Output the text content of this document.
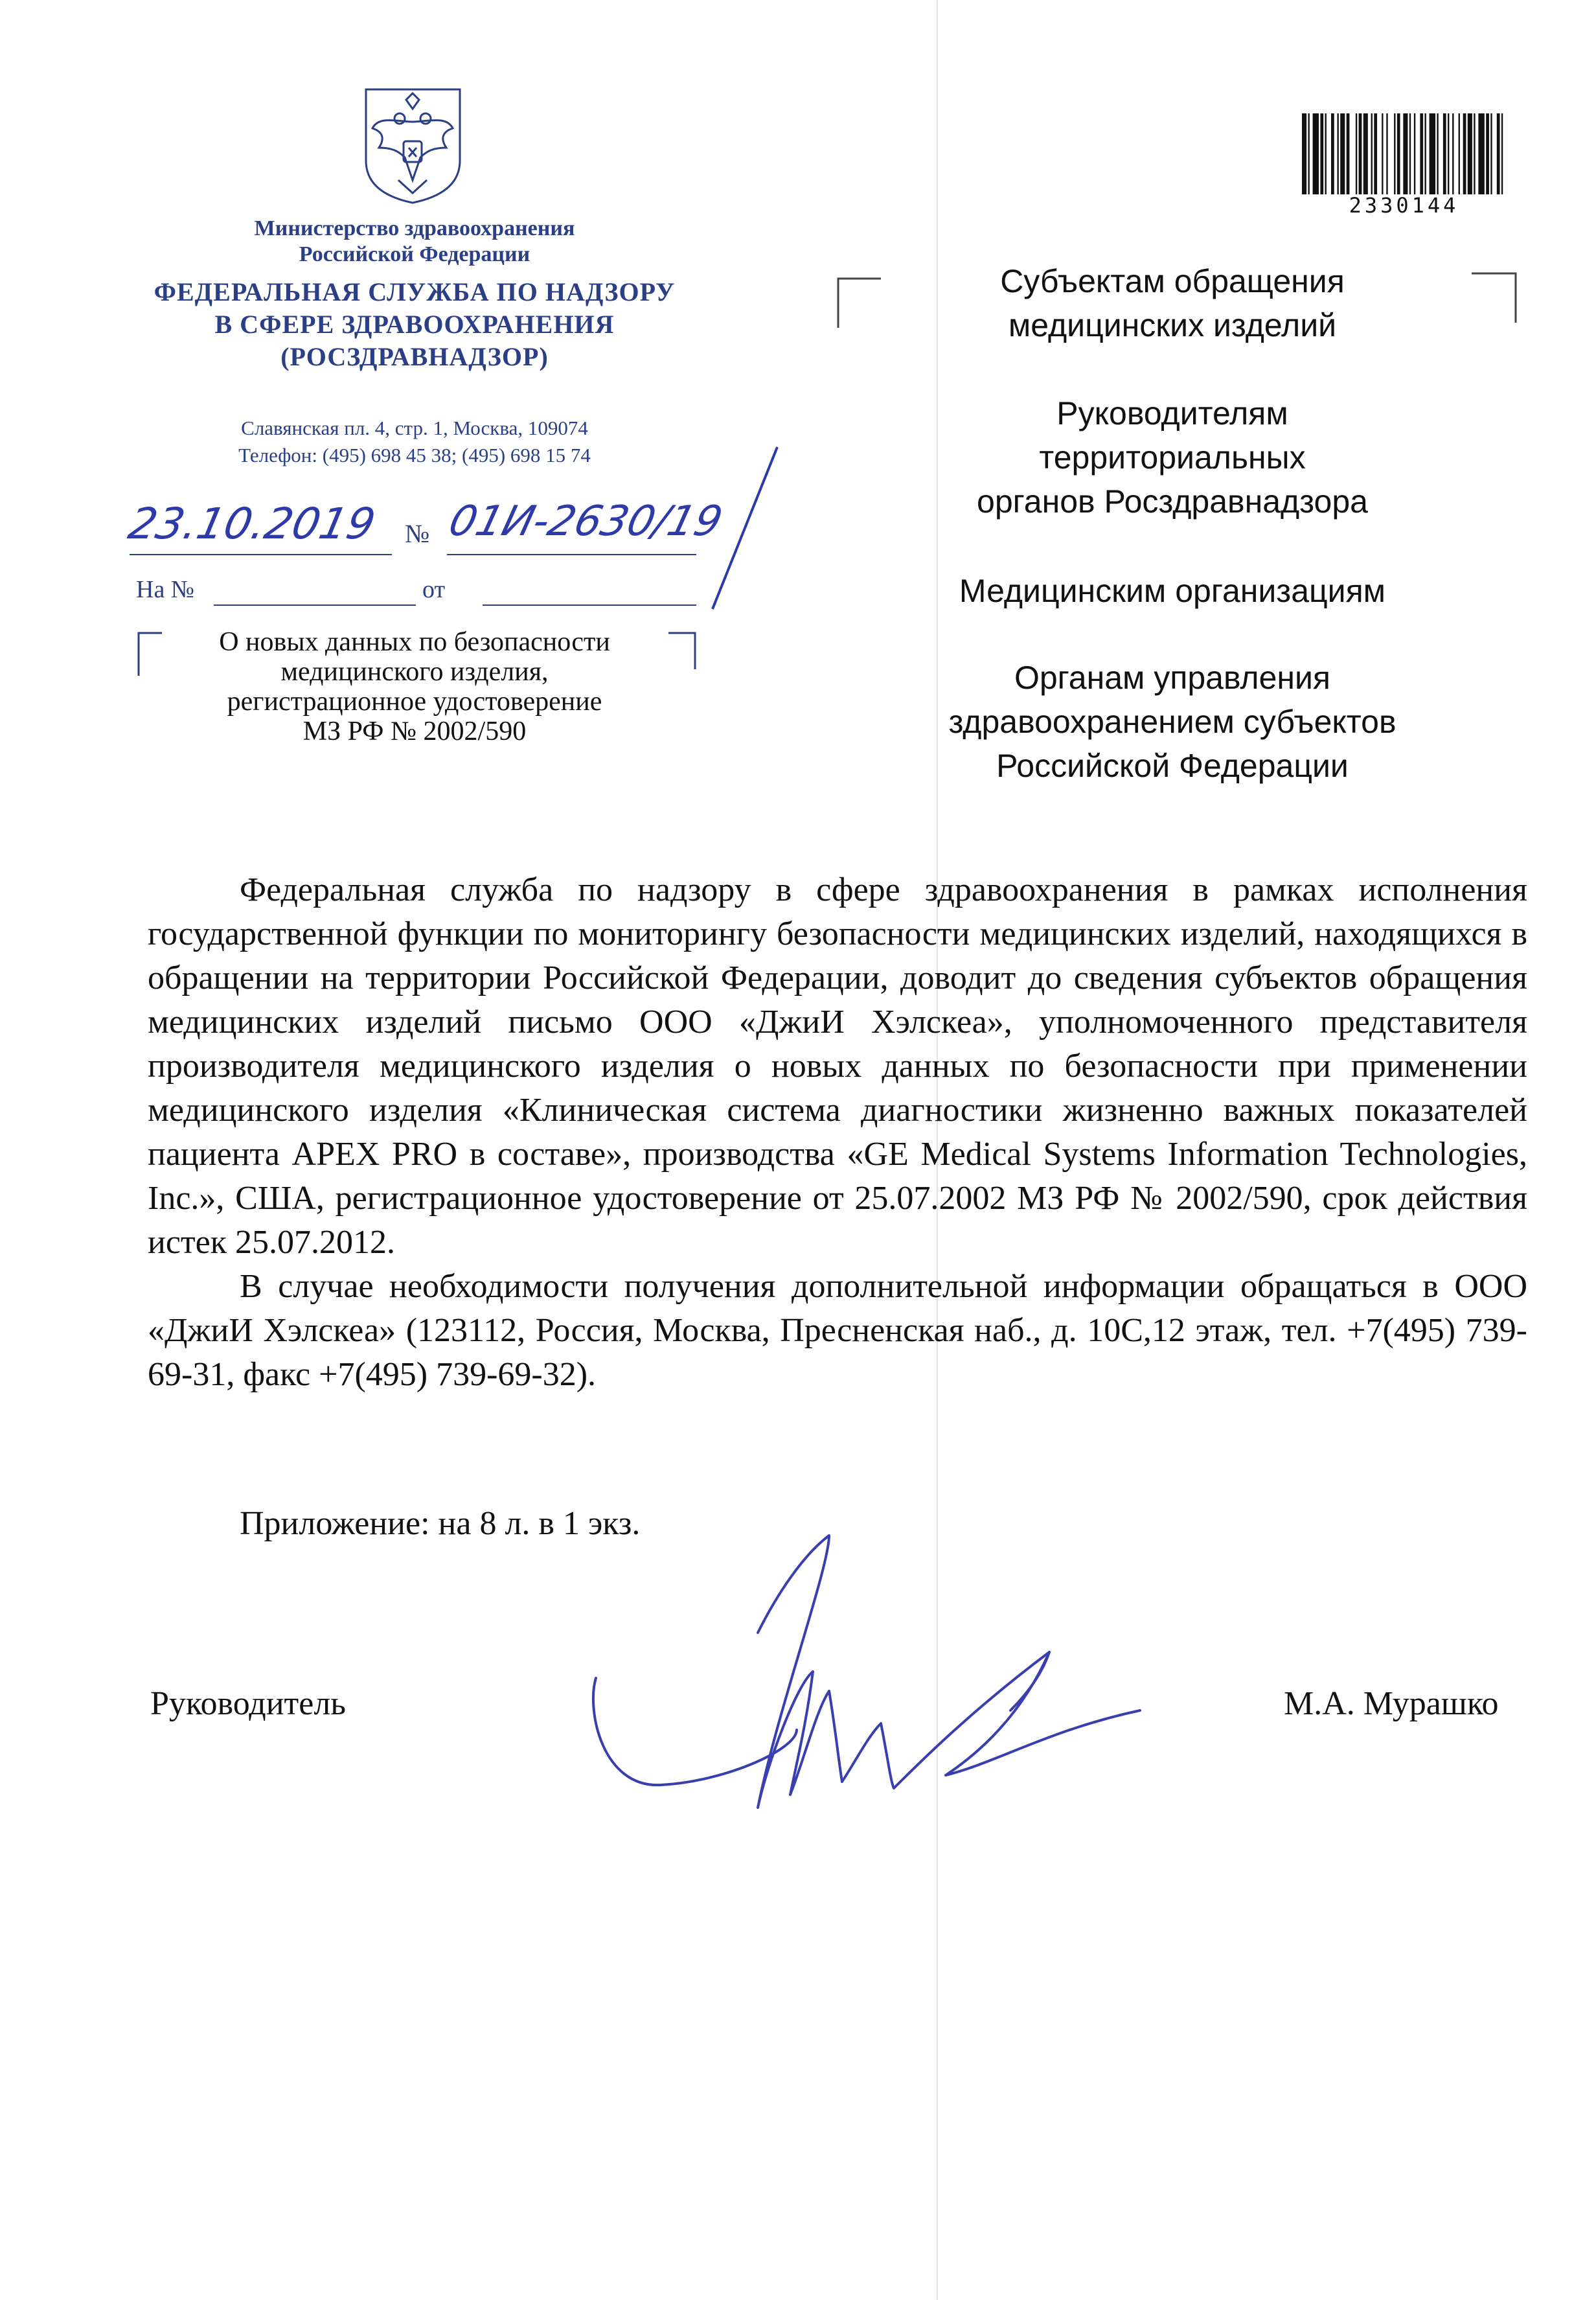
Министерство здравоохранения
Российской Федерации
ФЕДЕРАЛЬНАЯ СЛУЖБА ПО НАДЗОРУ
В СФЕРЕ ЗДРАВООХРАНЕНИЯ
(РОСЗДРАВНАДЗОР)
Славянская пл. 4, стр. 1, Москва, 109074
Телефон: (495) 698 45 38; (495) 698 15 74
23.10.2019 № 01И-2630/19
На №	от
О новых данных по безопасности
медицинского изделия,
регистрационное удостоверение
МЗ РФ № 2002/590
2330144
Субъектам обращения
медицинских изделий
Руководителям
территориальных
органов Росздравнадзора
Медицинским организациям
Органам управления
здравоохранением субъектов
Российской Федерации

Федеральная служба по надзору в сфере здравоохранения в рамках исполнения государственной функции по мониторингу безопасности медицинских изделий, находящихся в обращении на территории Российской Федерации, доводит до сведения субъектов обращения медицинских изделий письмо ООО «ДжиИ Хэлскеа», уполномоченного представителя производителя медицинского изделия о новых данных по безопасности при применении медицинского изделия «Клиническая система диагностики жизненно важных показателей пациента APEX PRO в составе», производства «GE Medical Systems Information Technologies, Inc.», США, регистрационное удостоверение от 25.07.2002 МЗ РФ № 2002/590, срок действия истек 25.07.2012.

В случае необходимости получения дополнительной информации обращаться в ООО «ДжиИ Хэлскеа» (123112, Россия, Москва, Пресненская наб., д. 10С,12 этаж, тел. +7(495) 739-69-31, факс +7(495) 739-69-32).

Приложение: на 8 л. в 1 экз.
Руководитель	М.А. Мурашко
